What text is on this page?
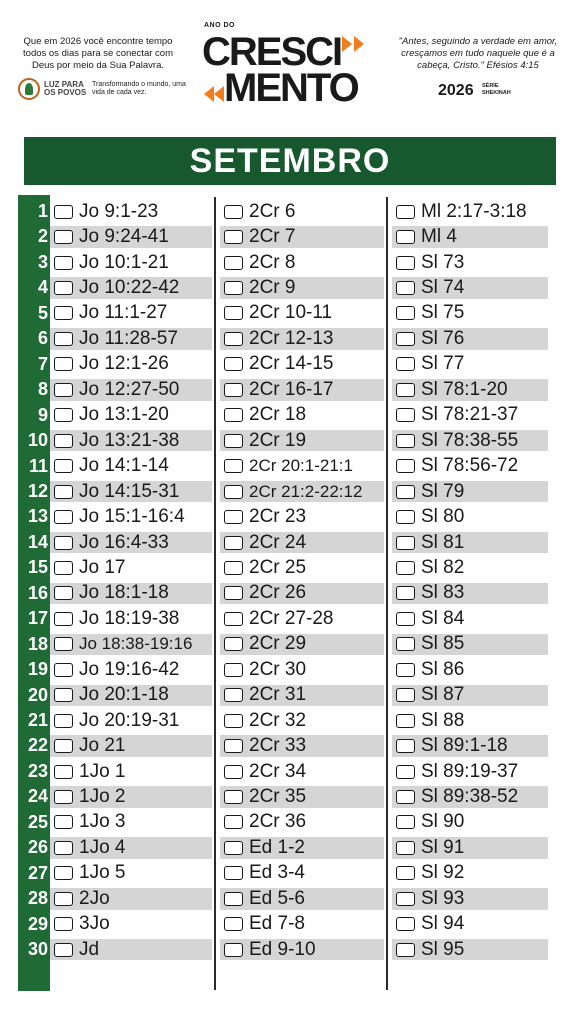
Que em 2026 você encontre tempo todos os dias para se conectar com Deus por meio da Sua Palavra.
LUZ PARA OS POVOS
Transformando o mundo, uma vida de cada vez.
ANO DO
CRESCI
MENTO
"Antes, seguindo a verdade em amor, cresçamos em tudo naquele que é a cabeça, Cristo." Efésios 4:15
2026 SÉRIE SHEKINAH
SETEMBRO
1
2
3
4
5
6
7
8
9
10
11
12
13
14
15
16
17
18
19
20
21
22
23
24
25
26
27
28
29
30
Jo 9:1-23
Jo 9:24-41
Jo 10:1-21
Jo 10:22-42
Jo 11:1-27
Jo 11:28-57
Jo 12:1-26
Jo 12:27-50
Jo 13:1-20
Jo 13:21-38
Jo 14:1-14
Jo 14:15-31
Jo 15:1-16:4
Jo 16:4-33
Jo 17
Jo 18:1-18
Jo 18:19-38
Jo 18:38-19:16
Jo 19:16-42
Jo 20:1-18
Jo 20:19-31
Jo 21
1Jo 1
1Jo 2
1Jo 3
1Jo 4
1Jo 5
2Jo
3Jo
Jd
2Cr 6
2Cr 7
2Cr 8
2Cr 9
2Cr 10-11
2Cr 12-13
2Cr 14-15
2Cr 16-17
2Cr 18
2Cr 19
2Cr 20:1-21:1
2Cr 21:2-22:12
2Cr 23
2Cr 24
2Cr 25
2Cr 26
2Cr 27-28
2Cr 29
2Cr 30
2Cr 31
2Cr 32
2Cr 33
2Cr 34
2Cr 35
2Cr 36
Ed 1-2
Ed 3-4
Ed 5-6
Ed 7-8
Ed 9-10
Ml 2:17-3:18
Ml 4
Sl 73
Sl 74
Sl 75
Sl 76
Sl 77
Sl 78:1-20
Sl 78:21-37
Sl 78:38-55
Sl 78:56-72
Sl 79
Sl 80
Sl 81
Sl 82
Sl 83
Sl 84
Sl 85
Sl 86
Sl 87
Sl 88
Sl 89:1-18
Sl 89:19-37
Sl 89:38-52
Sl 90
Sl 91
Sl 92
Sl 93
Sl 94
Sl 95
